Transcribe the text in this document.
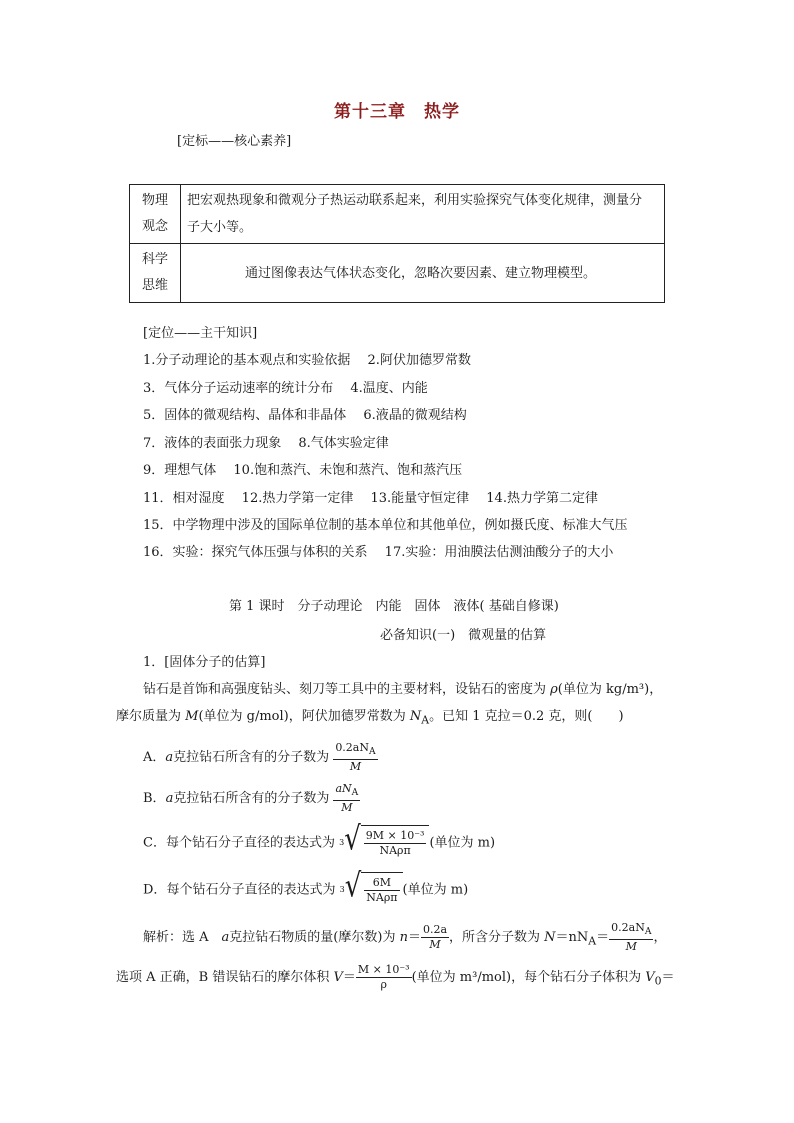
第十三章　热学
[定标——核心素养]
物理
观念	把宏观热现象和微观分子热运动联系起来，利用实验探究气体变化规律，测量分子大小等。
科学
思维	通过图像表达气体状态变化，忽略次要因素、建立物理模型。
[定位——主干知识]
1.分子动理论的基本观点和实验依据　 2.阿伏加德罗常数
3．气体分子运动速率的统计分布　 4.温度、内能
5．固体的微观结构、晶体和非晶体　 6.液晶的微观结构
7．液体的表面张力现象　 8.气体实验定律
9．理想气体　 10.饱和蒸汽、未饱和蒸汽、饱和蒸汽压
11．相对湿度　 12.热力学第一定律　 13.能量守恒定律　 14.热力学第二定律
15．中学物理中涉及的国际单位制的基本单位和其他单位，例如摄氏度、标准大气压
16．实验：探究气体压强与体积的关系　 17.实验：用油膜法估测油酸分子的大小
第 1 课时　分子动理论　内能　固体　液体( 基础自修课)
必备知识(一)　微观量的估算
1．[固体分子的估算]
钻石是首饰和高强度钻头、刻刀等工具中的主要材料，设钻石的密度为 ρ(单位为 kg/m³)，
摩尔质量为 M(单位为 g/mol)，阿伏加德罗常数为 $N_A$。已知 1 克拉＝0.2 克，则(　　)
A．a克拉钻石所含有的分子数为 $\frac{0.2aN_A}{M}$
B．a克拉钻石所含有的分子数为 $\frac{aN_A}{M}$
C．每个钻石分子直径的表达式为 3 √ $\frac{\text{9M × 10⁻³}}{\text{NAρπ}}$ (单位为 m)
D．每个钻石分子直径的表达式为 3 √ $\frac{6M}{\text{NAρπ}}$ (单位为 m)
解析：选 A　a克拉钻石物质的量(摩尔数)为 $n= \frac{0.2a}{M}$ ，所含分子数为 $N=nN_A= \frac{0.2aN_A}{M}$ ，
选项 A 正确，B 错误钻石的摩尔体积 $V= \frac{\text{M × 10⁻³}}{\rho}$ (单位为 m³/mol)，每个钻石分子体积为 $V_0=$
